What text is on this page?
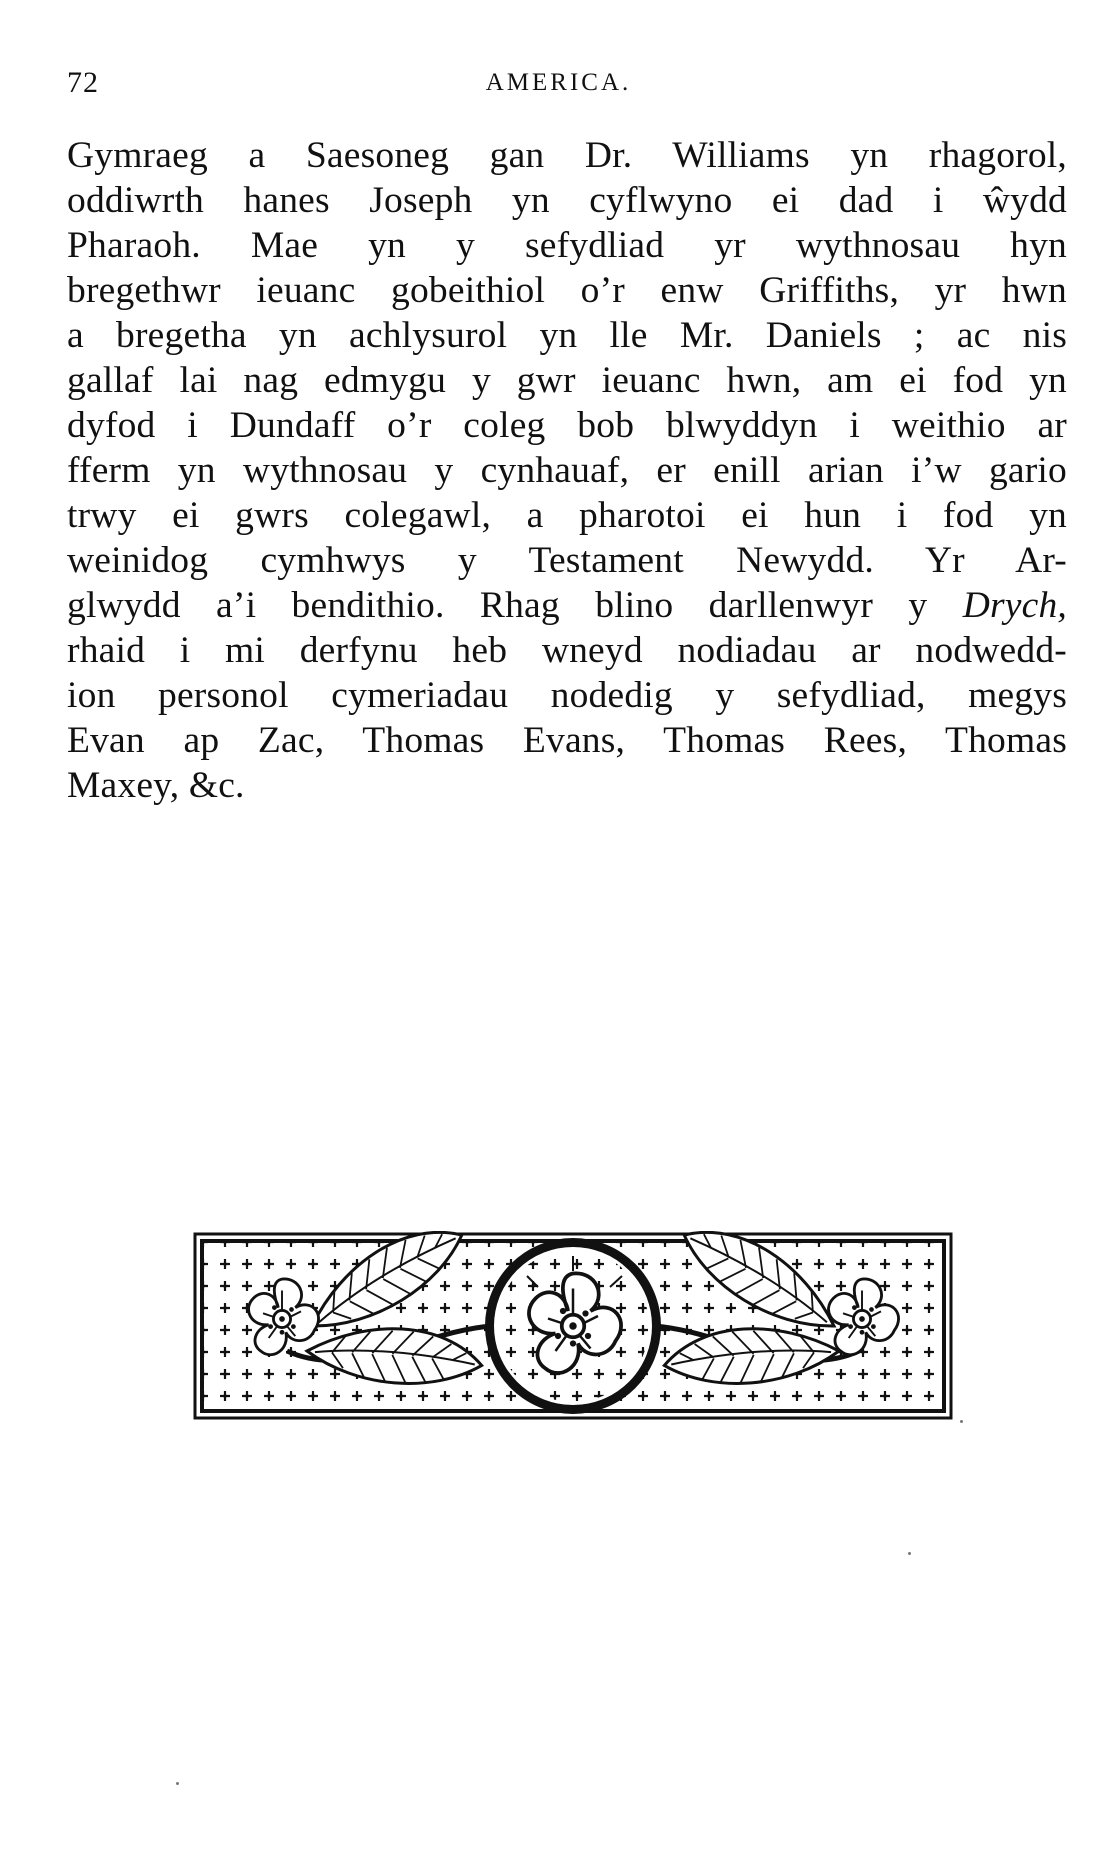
72	AMERICA.

Gymraeg a Saesoneg gan Dr. Williams yn rhagorol,
oddiwrth hanes Joseph yn cyflwyno ei dad i ŵydd
Pharaoh. Mae yn y sefydliad yr wythnosau hyn
bregethwr ieuanc gobeithiol o’r enw Griffiths, yr hwn
a bregetha yn achlysurol yn lle Mr. Daniels ; ac nis
gallaf lai nag edmygu y gwr ieuanc hwn, am ei fod yn
dyfod i Dundaff o’r coleg bob blwyddyn i weithio ar
fferm yn wythnosau y cynhauaf, er enill arian i’w gario
trwy ei gwrs colegawl, a pharotoi ei hun i fod yn
weinidog cymhwys y Testament Newydd. Yr Ar-
glwydd a’i bendithio. Rhag blino darllenwyr y Drych,
rhaid i mi derfynu heb wneyd nodiadau ar nodwedd-
ion personol cymeriadau nodedig y sefydliad, megys
Evan ap Zac, Thomas Evans, Thomas Rees, Thomas
Maxey, &c.
